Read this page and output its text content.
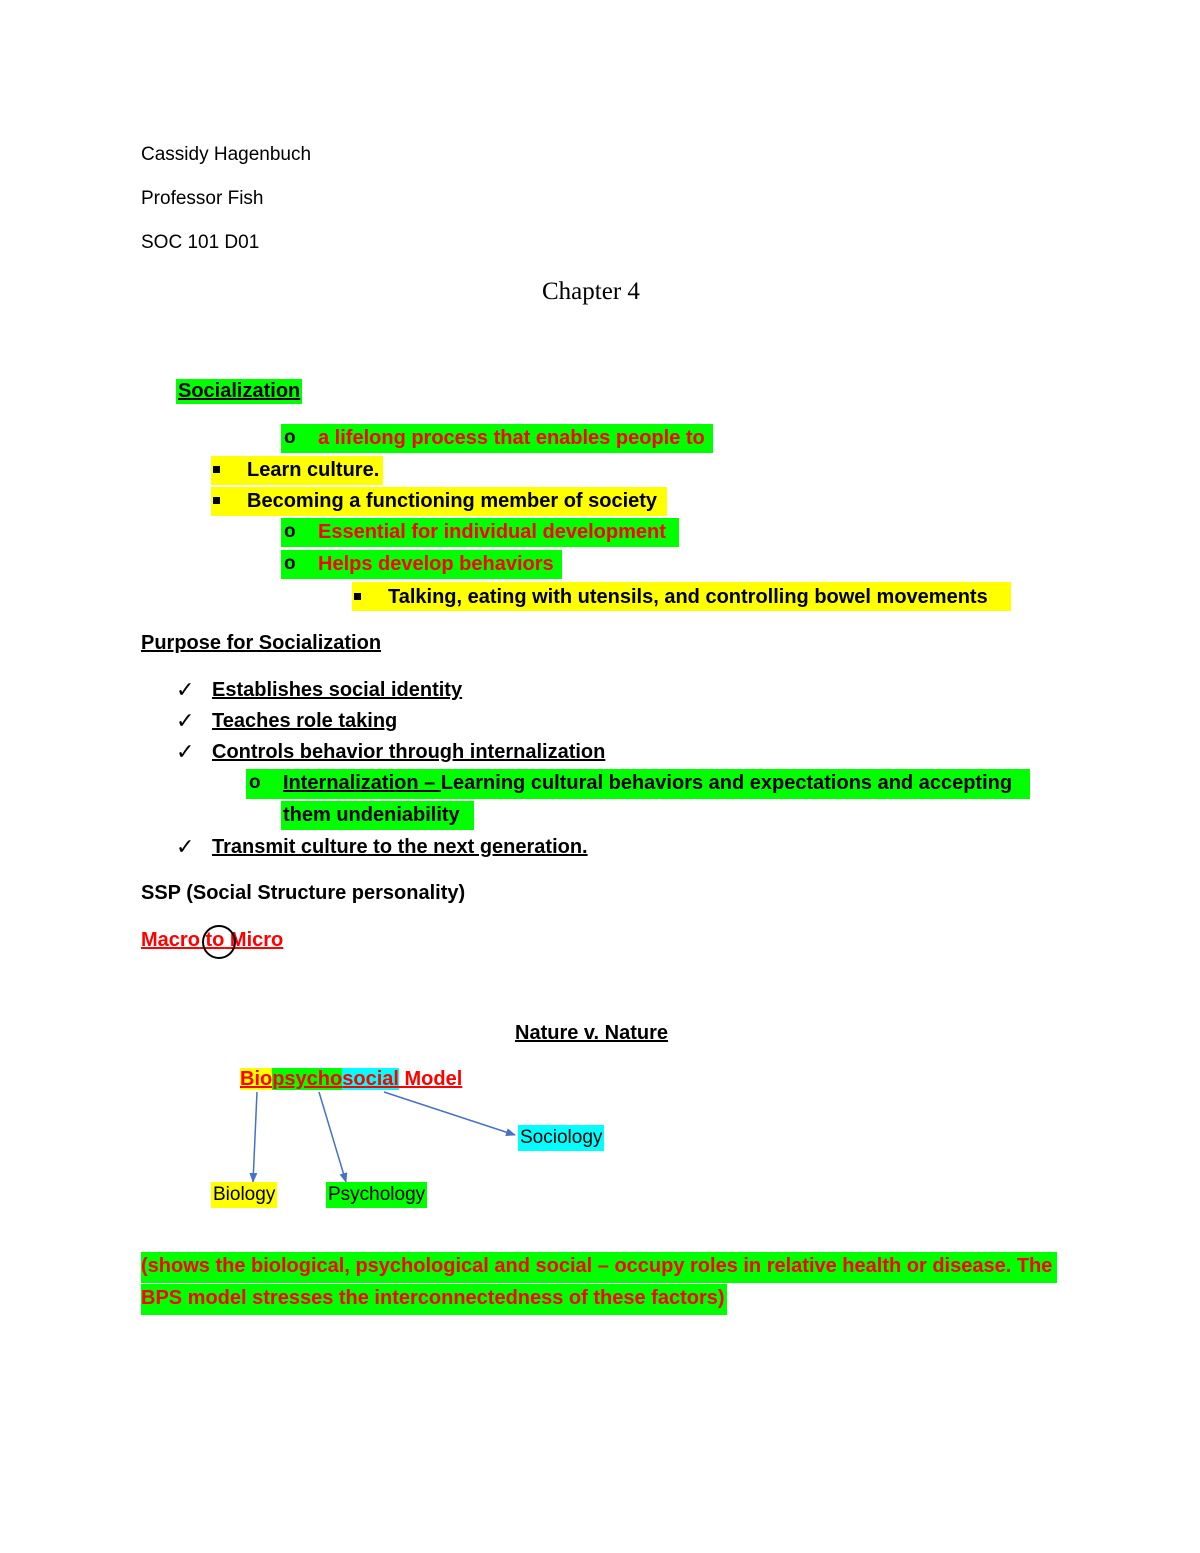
Cassidy Hagenbuch
Professor Fish
SOC 101 D01
Chapter 4
Socialization
o a lifelong process that enables people to
Learn culture.
Becoming a functioning member of society
o Essential for individual development
o Helps develop behaviors
Talking, eating with utensils, and controlling bowel movements
Purpose for Socialization
✓ Establishes social identity
✓ Teaches role taking
✓ Controls behavior through internalization
o Internalization – Learning cultural behaviors and expectations and accepting
them undeniability
✓ Transmit culture to the next generation.
SSP (Social Structure personality)
Macro to Micro
Nature v. Nature
Biopsychosocial Model
Sociology
Biology	Psychology
(shows the biological, psychological and social – occupy roles in relative health or disease. The
BPS model stresses the interconnectedness of these factors)
